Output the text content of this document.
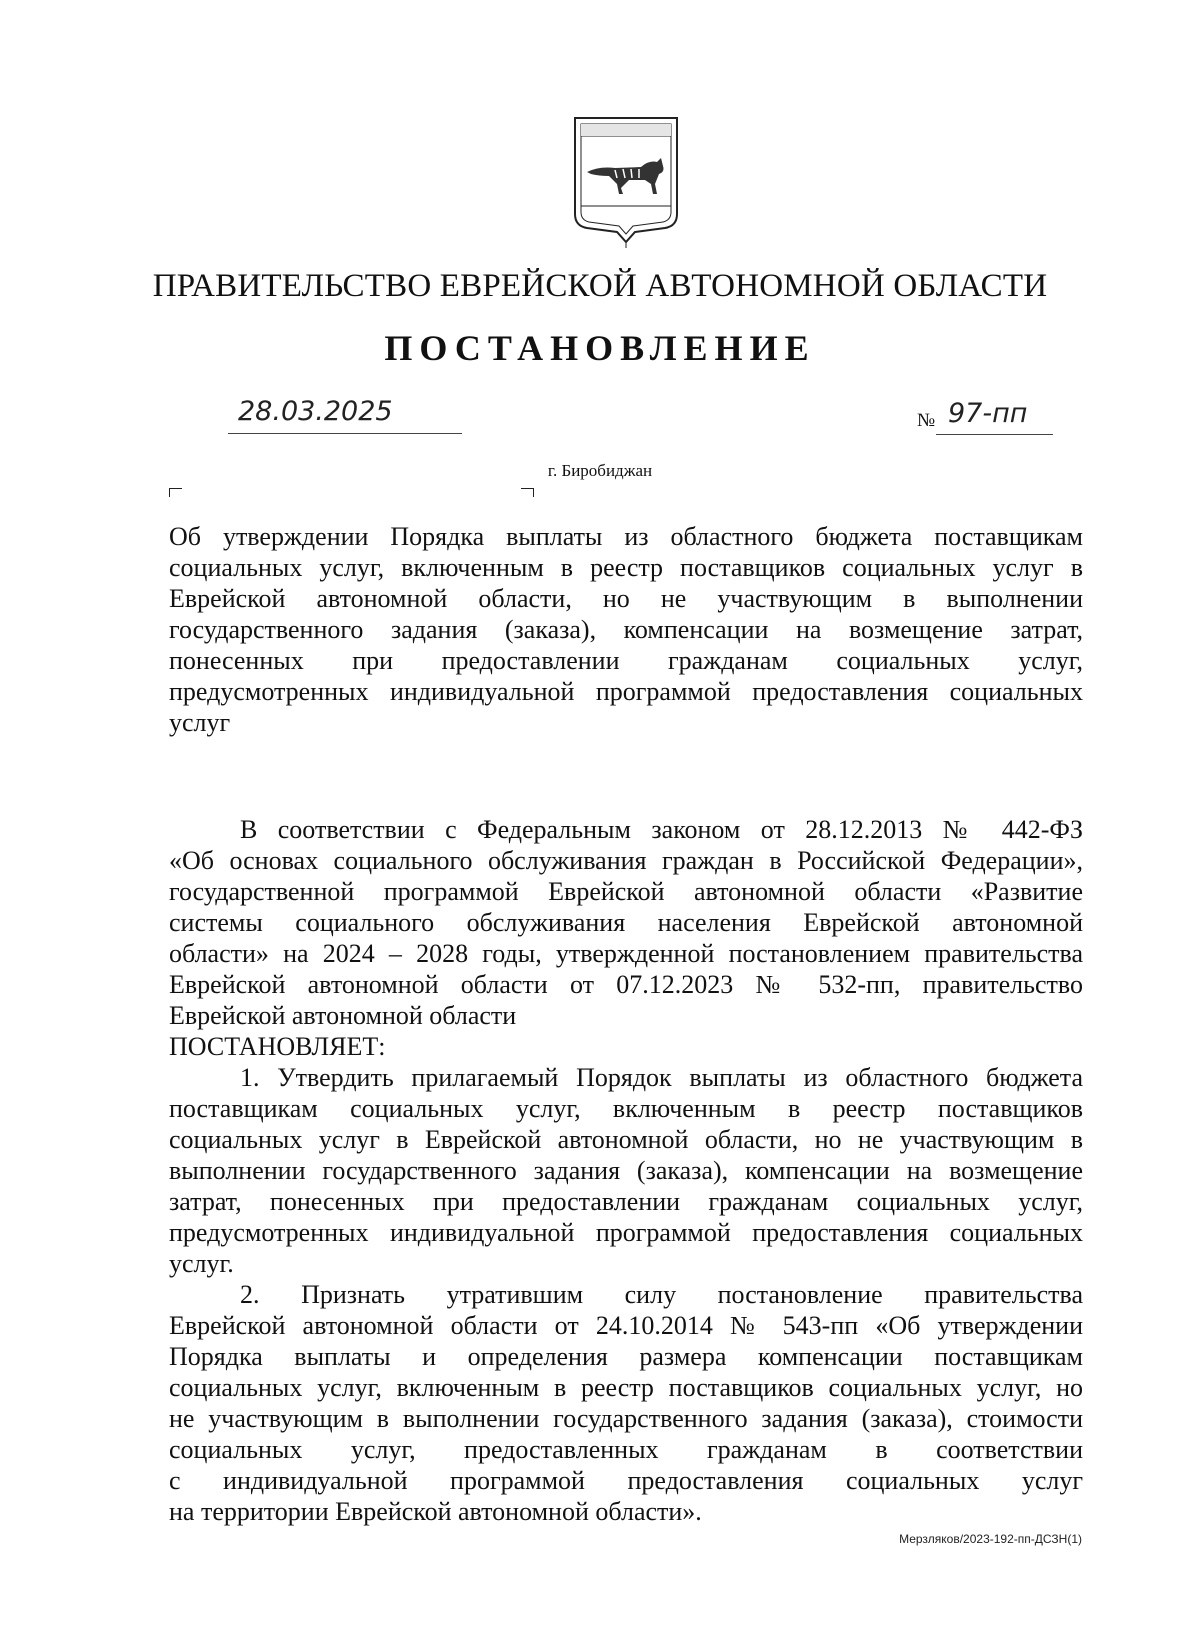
ПРАВИТЕЛЬСТВО ЕВРЕЙСКОЙ АВТОНОМНОЙ ОБЛАСТИ
ПОСТАНОВЛЕНИЕ
28.03.2025	№ 97-пп
г. Биробиджан
Об утверждении Порядка выплаты из областного бюджета поставщикам
социальных услуг, включенным в реестр поставщиков социальных услуг в
Еврейской автономной области, но не участвующим в выполнении
государственного задания (заказа), компенсации на возмещение затрат,
понесенных при предоставлении гражданам социальных услуг,
предусмотренных индивидуальной программой предоставления социальных
услуг
В соответствии с Федеральным законом от 28.12.2013 № 442-ФЗ
«Об основах социального обслуживания граждан в Российской Федерации»,
государственной программой Еврейской автономной области «Развитие
системы социального обслуживания населения Еврейской автономной
области» на 2024 – 2028 годы, утвержденной постановлением правительства
Еврейской автономной области от 07.12.2023 № 532-пп, правительство
Еврейской автономной области
ПОСТАНОВЛЯЕТ:
1. Утвердить прилагаемый Порядок выплаты из областного бюджета
поставщикам социальных услуг, включенным в реестр поставщиков
социальных услуг в Еврейской автономной области, но не участвующим в
выполнении государственного задания (заказа), компенсации на возмещение
затрат, понесенных при предоставлении гражданам социальных услуг,
предусмотренных индивидуальной программой предоставления социальных
услуг.
2. Признать утратившим силу постановление правительства
Еврейской автономной области от 24.10.2014 № 543-пп «Об утверждении
Порядка выплаты и определения размера компенсации поставщикам
социальных услуг, включенным в реестр поставщиков социальных услуг, но
не участвующим в выполнении государственного задания (заказа), стоимости
социальных услуг, предоставленных гражданам в соответствии
с индивидуальной программой предоставления социальных услуг
на территории Еврейской автономной области».
Мерзляков/2023-192-пп-ДСЗН(1)
